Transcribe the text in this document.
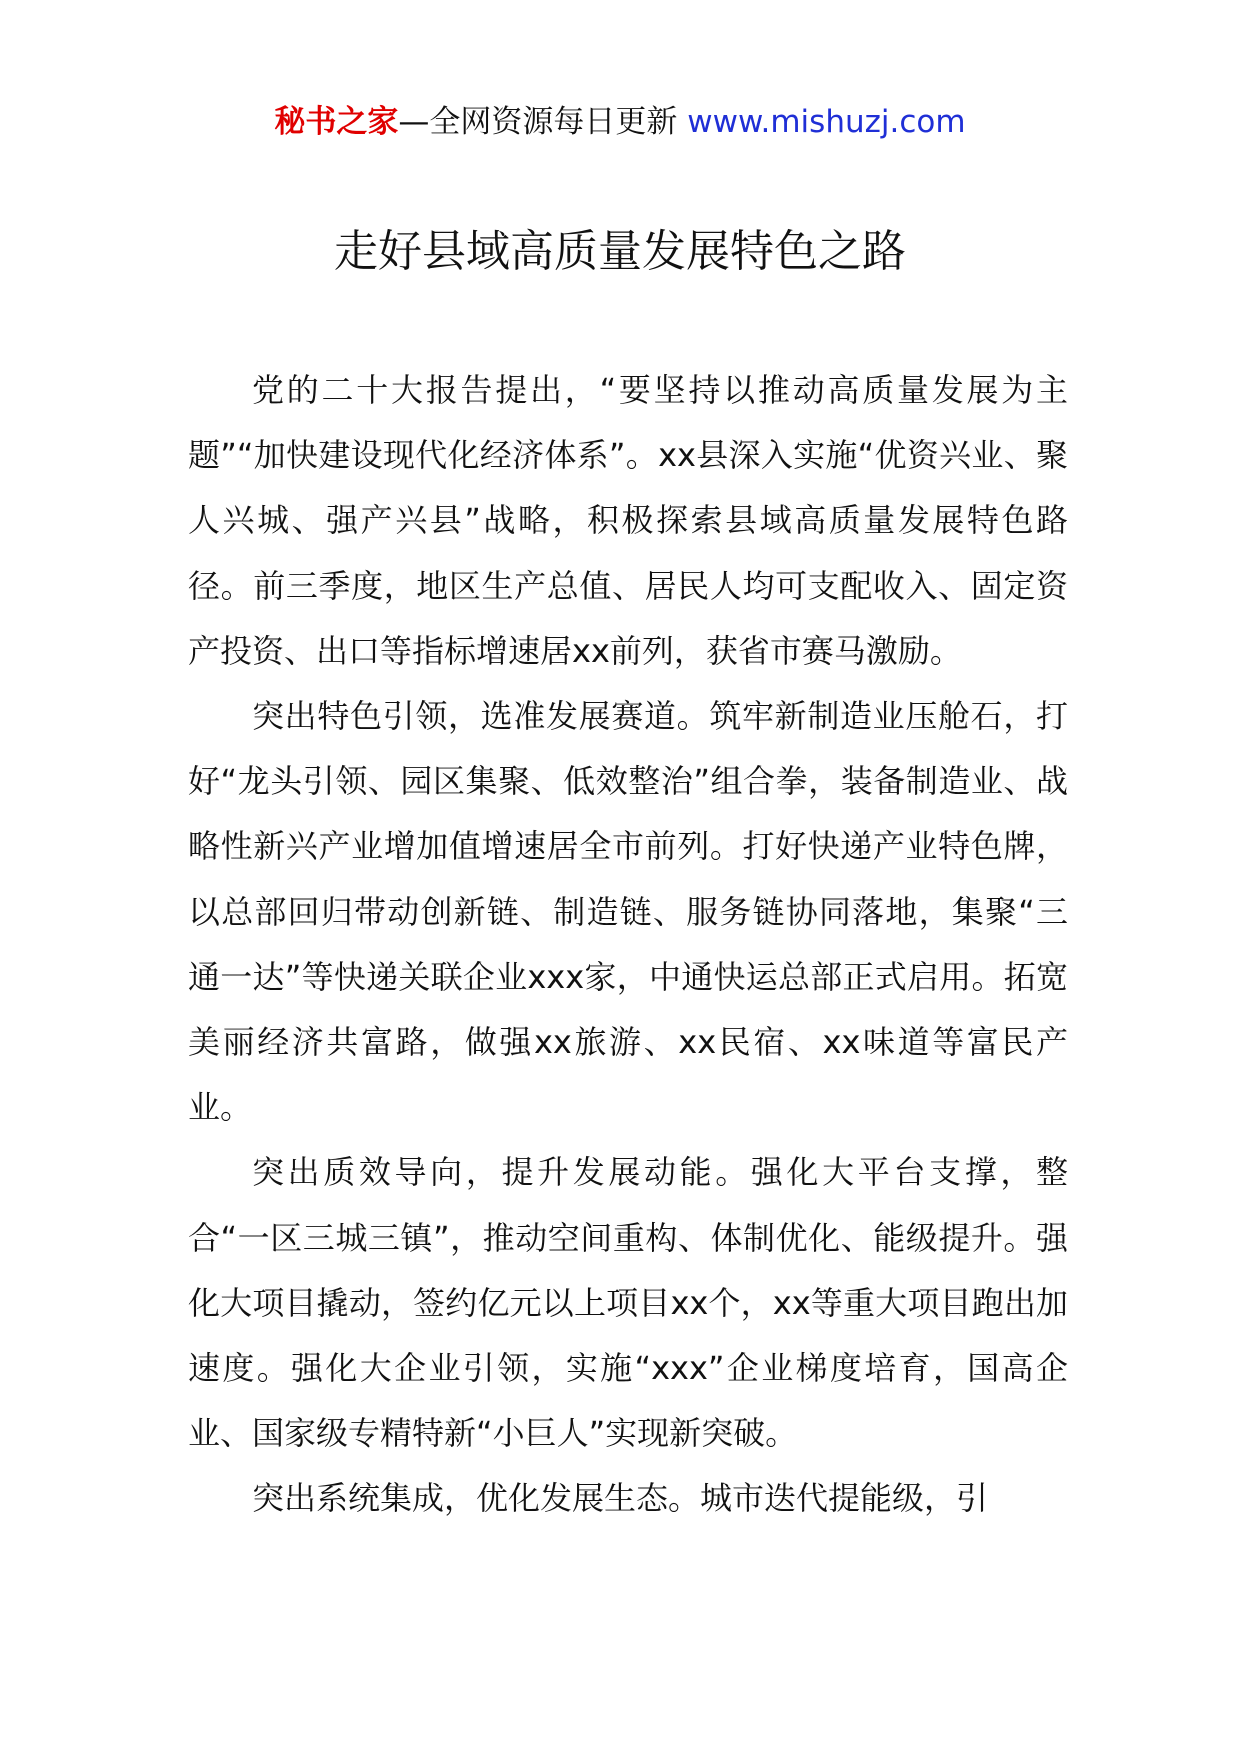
秘书之家—全网资源每日更新 www.mishuzj.com
走好县域高质量发展特色之路

党的二十大报告提出，“要坚持以推动高质量发展为主题”“加快建设现代化经济体系”。xx县深入实施“优资兴业、聚人兴城、强产兴县”战略，积极探索县域高质量发展特色路径。前三季度，地区生产总值、居民人均可支配收入、固定资产投资、出口等指标增速居xx前列，获省市赛马激励。

突出特色引领，选准发展赛道。筑牢新制造业压舱石，打好“龙头引领、园区集聚、低效整治”组合拳，装备制造业、战略性新兴产业增加值增速居全市前列。打好快递产业特色牌，以总部回归带动创新链、制造链、服务链协同落地，集聚“三通一达”等快递关联企业xxx家，中通快运总部正式启用。拓宽美丽经济共富路，做强xx旅游、xx民宿、xx味道等富民产业。

突出质效导向，提升发展动能。强化大平台支撑，整合“一区三城三镇”，推动空间重构、体制优化、能级提升。强化大项目撬动，签约亿元以上项目xx个，xx等重大项目跑出加速度。强化大企业引领，实施“xxx”企业梯度培育，国高企业、国家级专精特新“小巨人”实现新突破。

突出系统集成，优化发展生态。城市迭代提能级，引
